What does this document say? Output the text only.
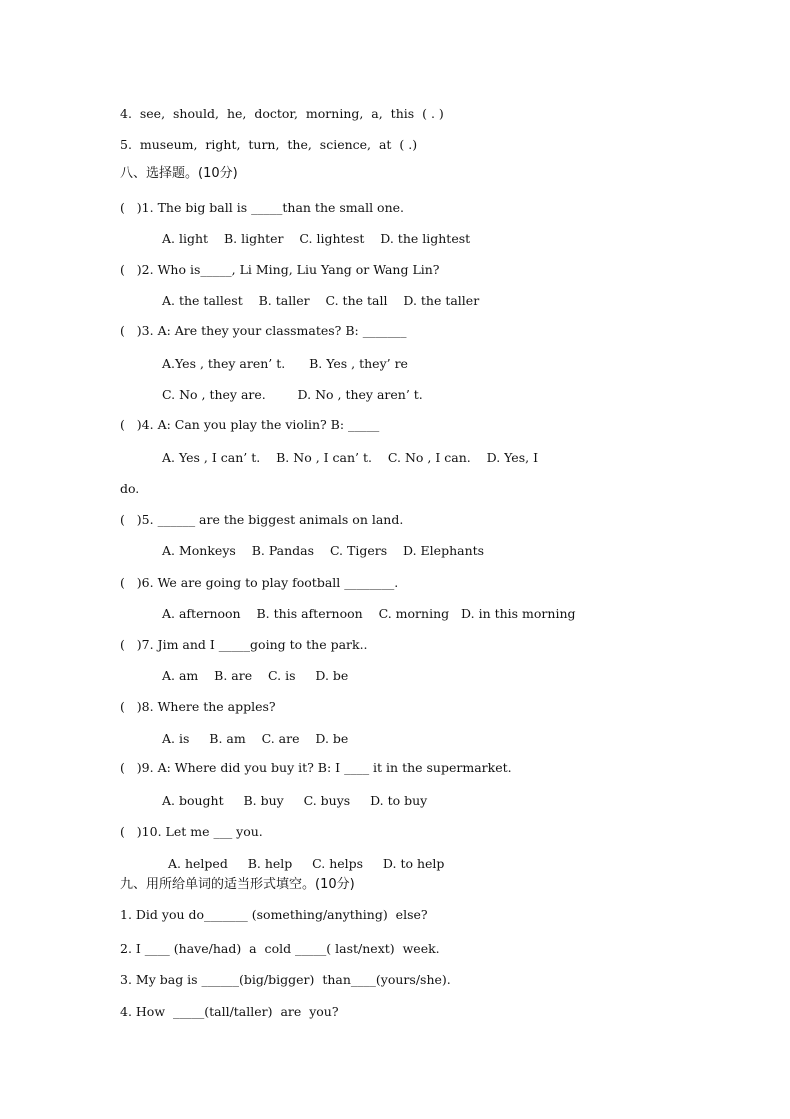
4.  see,  should,  he,  doctor,  morning,  a,  this  ( . )
5.  museum,  right,  turn,  the,  science,  at  ( .)
八、选择题。(10分)
(   )1. The big ball is _____than the small one.
A. light    B. lighter    C. lightest    D. the lightest
(   )2. Who is_____, Li Ming, Liu Yang or Wang Lin?
A. the tallest    B. taller    C. the tall    D. the taller
(   )3. A: Are they your classmates? B: _______
A.Yes , they aren’ t.      B. Yes , they’ re
C. No , they are.        D. No , they aren’ t.
(   )4. A: Can you play the violin? B: _____
A. Yes , I can’ t.    B. No , I can’ t.    C. No , I can.    D. Yes, I
do.
(   )5. ______ are the biggest animals on land.
A. Monkeys    B. Pandas    C. Tigers    D. Elephants
(   )6. We are going to play football ________.
A. afternoon    B. this afternoon    C. morning   D. in this morning
(   )7. Jim and I _____going to the park..
A. am    B. are    C. is     D. be
(   )8. Where the apples?
A. is     B. am    C. are    D. be
(   )9. A: Where did you buy it? B: I ____ it in the supermarket.
A. bought     B. buy     C. buys     D. to buy
(   )10. Let me ___ you.
A. helped     B. help     C. helps     D. to help
九、用所给单词的适当形式填空。(10分)
1. Did you do_______ (something/anything)  else?
2. I ____ (have/had)  a  cold _____( last/next)  week.
3. My bag is ______(big/bigger)  than____(yours/she).
4. How  _____(tall/taller)  are  you?
